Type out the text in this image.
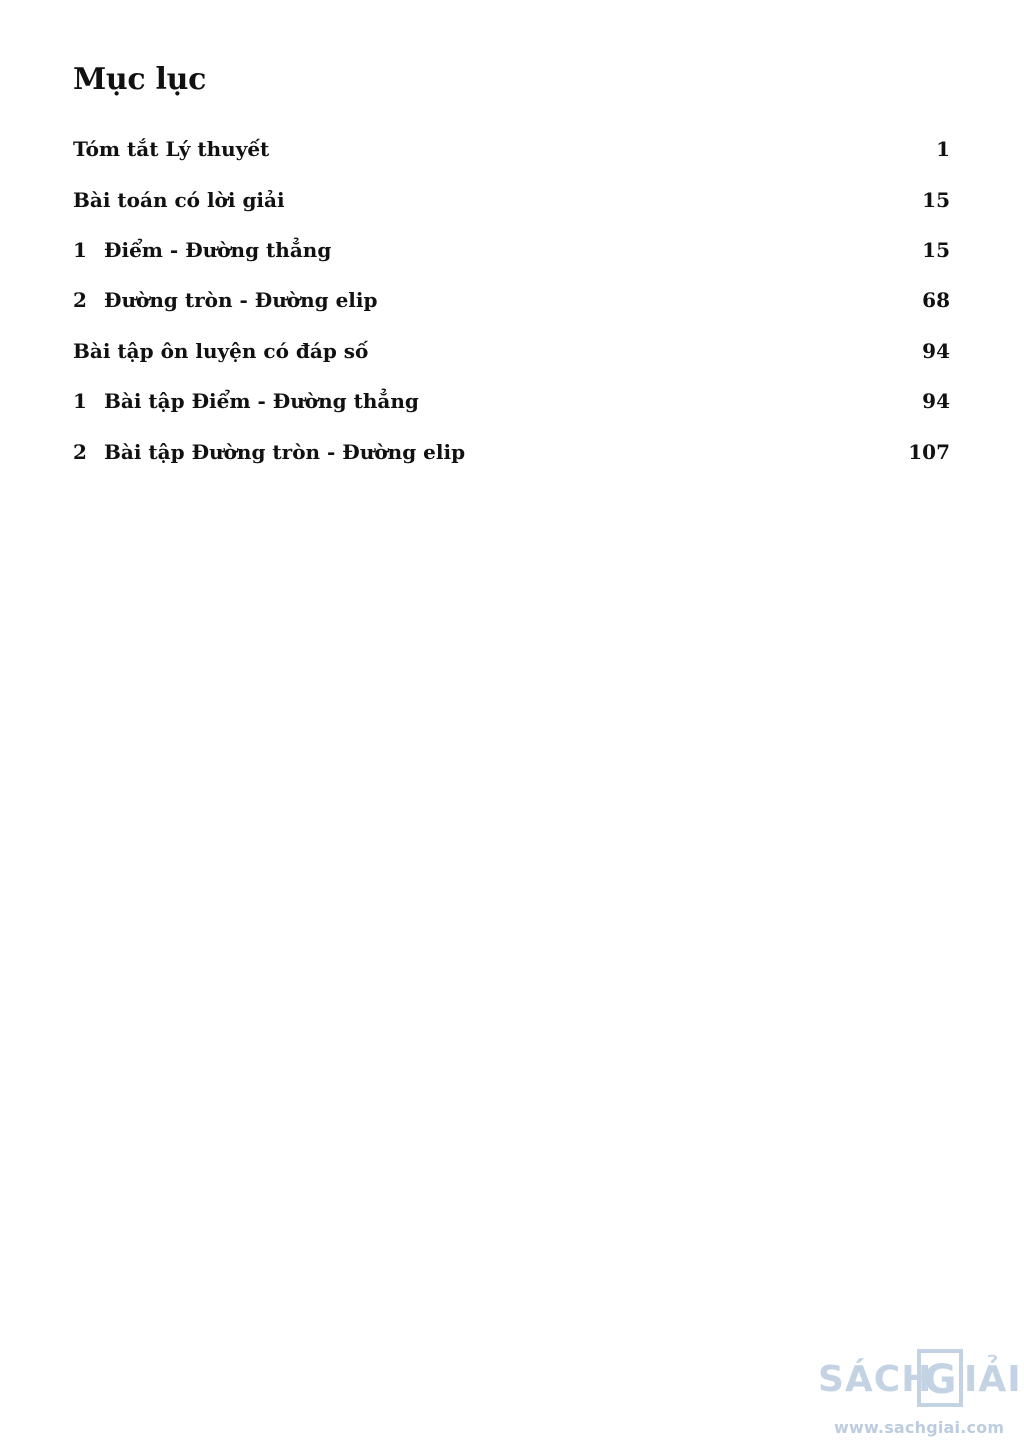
Mục lục
Tóm tắt Lý thuyết	1
Bài toán có lời giải	15
1 Điểm - Đường thẳng	15
2 Đường tròn - Đường elip	68
Bài tập ôn luyện có đáp số	94
1 Bài tập Điểm - Đường thẳng	94
2 Bài tập Đường tròn - Đường elip	107
SÁCH
G IẢI
www.sachgiai.com
